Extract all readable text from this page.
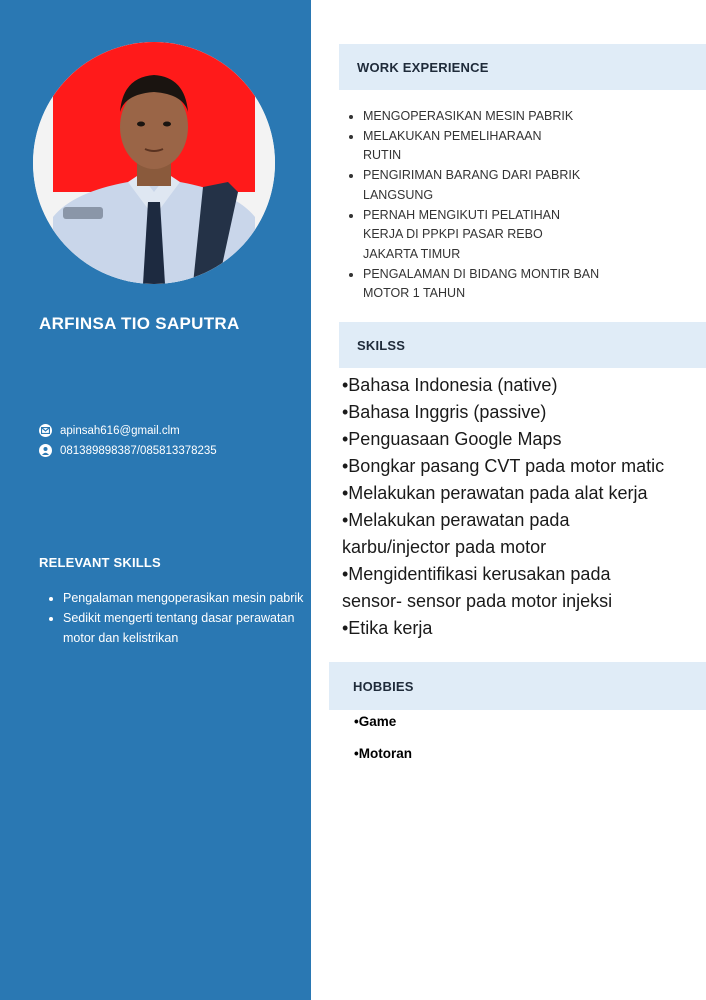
ARFINSA TIO SAPUTRA
apinsah616@gmail.clm
081389898387/085813378235
RELEVANT SKILLS
• Pengalaman mengoperasikan mesin pabrik
• Sedikit mengerti tentang dasar perawatan motor dan kelistrikan
WORK EXPERIENCE
• MENGOPERASIKAN MESIN PABRIK
• MELAKUKAN PEMELIHARAAN RUTIN
• PENGIRIMAN BARANG DARI PABRIK LANGSUNG
• PERNAH MENGIKUTI PELATIHAN KERJA DI PPKPI PASAR REBO JAKARTA TIMUR
• PENGALAMAN DI BIDANG MONTIR BAN MOTOR 1 TAHUN
SKILSS
•Bahasa Indonesia (native)
•Bahasa Inggris (passive)
•Penguasaan Google Maps
•Bongkar pasang CVT pada motor matic
•Melakukan perawatan pada alat kerja
•Melakukan perawatan pada karbu/injector pada motor
•Mengidentifikasi kerusakan pada sensor- sensor pada motor injeksi
•Etika kerja
HOBBIES
•Game
•Motoran
